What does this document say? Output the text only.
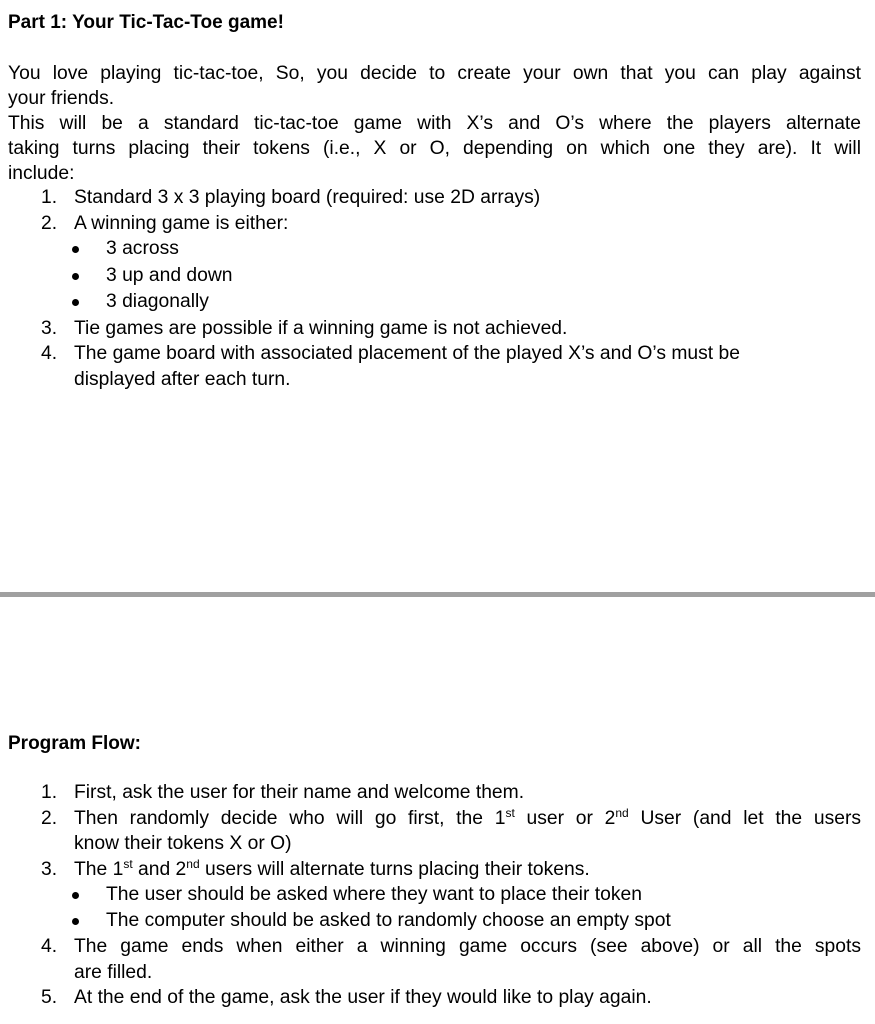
Part 1: Your Tic-Tac-Toe game!
You love playing tic-tac-toe, So, you decide to create your own that you can play against
your friends.
This will be a standard tic-tac-toe game with X’s and O’s where the players alternate
taking turns placing their tokens (i.e., X or O, depending on which one they are). It will
include:
1. Standard 3 x 3 playing board (required: use 2D arrays)
2. A winning game is either:
3 across
3 up and down
3 diagonally
3. Tie games are possible if a winning game is not achieved.
4. The game board with associated placement of the played X’s and O’s must be
displayed after each turn.
Program Flow:
1. First, ask the user for their name and welcome them.
2. Then randomly decide who will go first, the 1st user or 2nd User (and let the users
know their tokens X or O)
3. The 1st and 2nd users will alternate turns placing their tokens.
The user should be asked where they want to place their token
The computer should be asked to randomly choose an empty spot
4. The game ends when either a winning game occurs (see above) or all the spots
are filled.
5. At the end of the game, ask the user if they would like to play again.
